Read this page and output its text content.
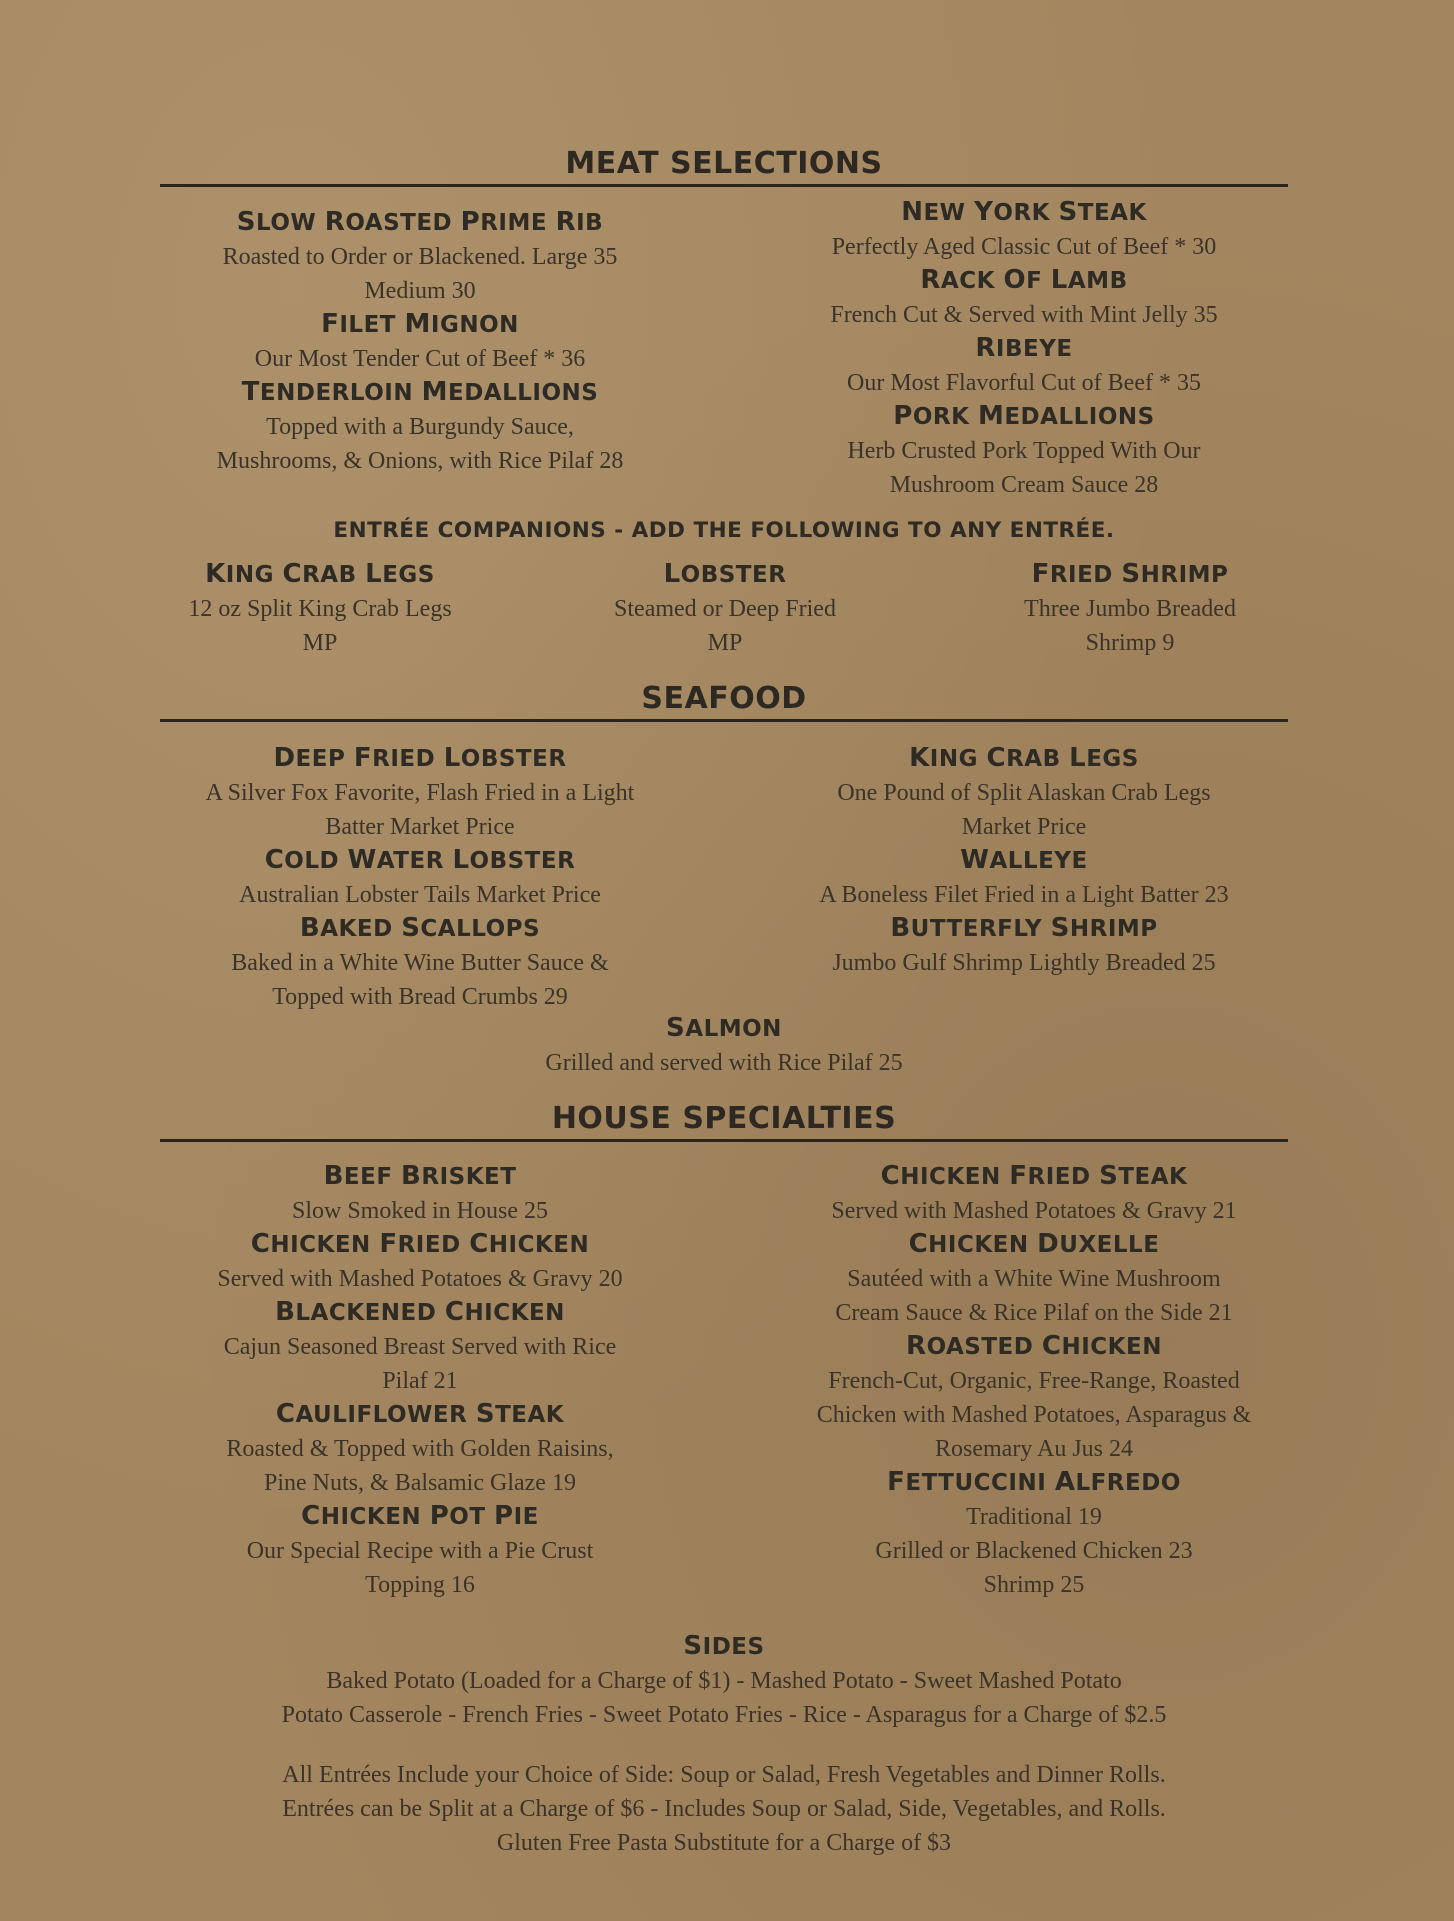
MEAT SELECTIONS
SLOW ROASTED PRIME RIB
Roasted to Order or Blackened. Large 35
Medium 30
FILET MIGNON
Our Most Tender Cut of Beef * 36
TENDERLOIN MEDALLIONS
Topped with a Burgundy Sauce,
Mushrooms, & Onions, with Rice Pilaf 28
NEW YORK STEAK
Perfectly Aged Classic Cut of Beef * 30
RACK OF LAMB
French Cut & Served with Mint Jelly 35
RIBEYE
Our Most Flavorful Cut of Beef * 35
PORK MEDALLIONS
Herb Crusted Pork Topped With Our
Mushroom Cream Sauce 28
ENTRÉE COMPANIONS - ADD THE FOLLOWING TO ANY ENTRÉE.
KING CRAB LEGS
12 oz Split King Crab Legs
MP
LOBSTER
Steamed or Deep Fried
MP
FRIED SHRIMP
Three Jumbo Breaded
Shrimp 9
SEAFOOD
DEEP FRIED LOBSTER
A Silver Fox Favorite, Flash Fried in a Light
Batter Market Price
COLD WATER LOBSTER
Australian Lobster Tails Market Price
BAKED SCALLOPS
Baked in a White Wine Butter Sauce &
Topped with Bread Crumbs 29
KING CRAB LEGS
One Pound of Split Alaskan Crab Legs
Market Price
WALLEYE
A Boneless Filet Fried in a Light Batter 23
BUTTERFLY SHRIMP
Jumbo Gulf Shrimp Lightly Breaded 25
SALMON
Grilled and served with Rice Pilaf 25
HOUSE SPECIALTIES
BEEF BRISKET
Slow Smoked in House 25
CHICKEN FRIED CHICKEN
Served with Mashed Potatoes & Gravy 20
BLACKENED CHICKEN
Cajun Seasoned Breast Served with Rice
Pilaf 21
CAULIFLOWER STEAK
Roasted & Topped with Golden Raisins,
Pine Nuts, & Balsamic Glaze 19
CHICKEN POT PIE
Our Special Recipe with a Pie Crust
Topping 16
CHICKEN FRIED STEAK
Served with Mashed Potatoes & Gravy 21
CHICKEN DUXELLE
Sautéed with a White Wine Mushroom
Cream Sauce & Rice Pilaf on the Side 21
ROASTED CHICKEN
French-Cut, Organic, Free-Range, Roasted
Chicken with Mashed Potatoes, Asparagus &
Rosemary Au Jus 24
FETTUCCINI ALFREDO
Traditional 19
Grilled or Blackened Chicken 23
Shrimp 25
SIDES
Baked Potato (Loaded for a Charge of $1) - Mashed Potato - Sweet Mashed Potato
Potato Casserole - French Fries - Sweet Potato Fries - Rice - Asparagus for a Charge of $2.5
All Entrées Include your Choice of Side: Soup or Salad, Fresh Vegetables and Dinner Rolls.
Entrées can be Split at a Charge of $6 - Includes Soup or Salad, Side, Vegetables, and Rolls.
Gluten Free Pasta Substitute for a Charge of $3
